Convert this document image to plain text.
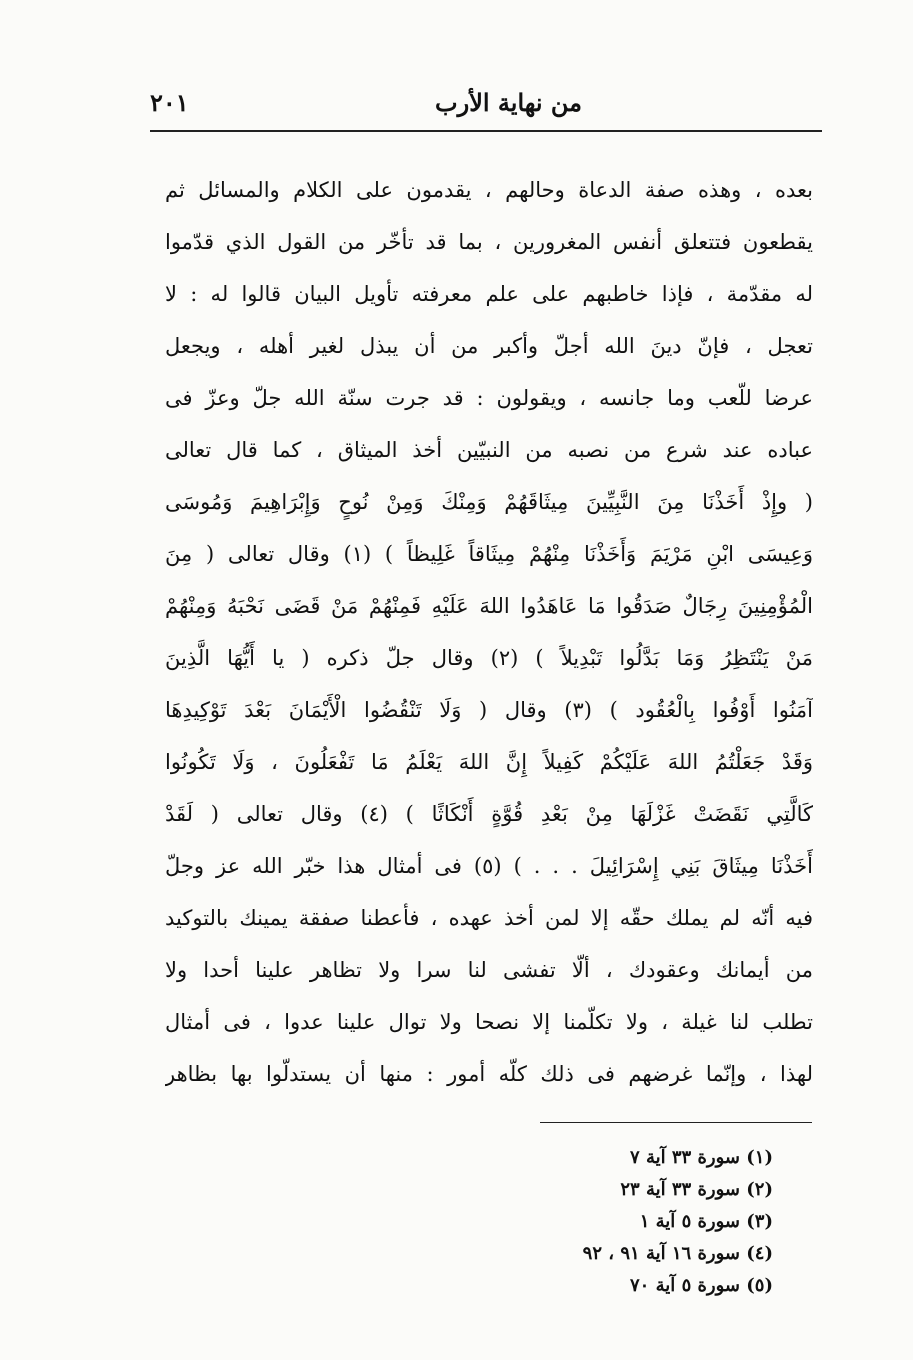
من نهاية الأرب
٢٠١
بعده ، وهذه صفة الدعاة وحالهم ، يقدمون على الكلام والمسائل ثم
يقطعون فتتعلق أنفس المغرورين ، بما قد تأخّر من القول الذي قدّموا
له مقدّمة ، فإذا خاطبهم على علم معرفته تأويل البيان قالوا له : لا
تعجل ، فإنّ دينَ الله أجلّ وأكبر من أن يبذل لغير أهله ، ويجعل
عرضا للّعب وما جانسه ، ويقولون : قد جرت سنّة الله جلّ وعزّ فى
عباده عند شرع من نصبه من النبيّين أخذ الميثاق ، كما قال تعالى
( وإِذْ أَخَذْنَا مِنَ النَّبِيِّينَ مِيثَاقَهُمْ وَمِنْكَ وَمِنْ نُوحٍ وَإِبْرَاهِيمَ وَمُوسَى
وَعِيسَى ابْنِ مَرْيَمَ وَأَخَذْنَا مِنْهُمْ مِيثَاقاً غَلِيظاً ) (١) وقال تعالى ( مِنَ
الْمُؤْمِنِينَ رِجَالٌ صَدَقُوا مَا عَاهَدُوا اللهَ عَلَيْهِ فَمِنْهُمْ مَنْ قَضَى نَحْبَهُ وَمِنْهُمْ
مَنْ يَنْتَظِرُ وَمَا بَدَّلُوا تَبْدِيلاً ) (٢) وقال جلّ ذكره ( يا أَيُّهَا الَّذِينَ
آمَنُوا أَوْفُوا بِالْعُقُود ) (٣) وقال ( وَلَا تَنْقُضُوا الْأَيْمَانَ بَعْدَ تَوْكِيدِهَا
وَقَدْ جَعَلْتُمُ اللهَ عَلَيْكُمْ كَفِيلاً إِنَّ اللهَ يَعْلَمُ مَا تَفْعَلُونَ ، وَلَا تَكُونُوا
كَالَّتِي نَقَضَتْ غَزْلَهَا مِنْ بَعْدِ قُوَّةٍ أَنْكَاثًا ) (٤) وقال تعالى ( لَقَدْ
أَخَذْنَا مِيثَاقَ بَنِي إِسْرَائِيلَ . . . ) (٥) فى أمثال هذا خبّر الله عز وجلّ
فيه أنّه لم يملك حقّه إلا لمن أخذ عهده ، فأعطنا صفقة يمينك بالتوكيد
من أيمانك وعقودك ، ألّا تفشى لنا سرا ولا تظاهر علينا أحدا ولا
تطلب لنا غيلة ، ولا تكلّمنا إلا نصحا ولا توال علينا عدوا ، فى أمثال
لهذا ، وإنّما غرضهم فى ذلك كلّه أمور : منها أن يستدلّوا بها بظاهر
(١) سورة ٣٣ آية ٧
(٢) سورة ٣٣ آية ٢٣
(٣) سورة ٥ آية ١
(٤) سورة ١٦ آية ٩١ ، ٩٢
(٥) سورة ٥ آية ٧٠
